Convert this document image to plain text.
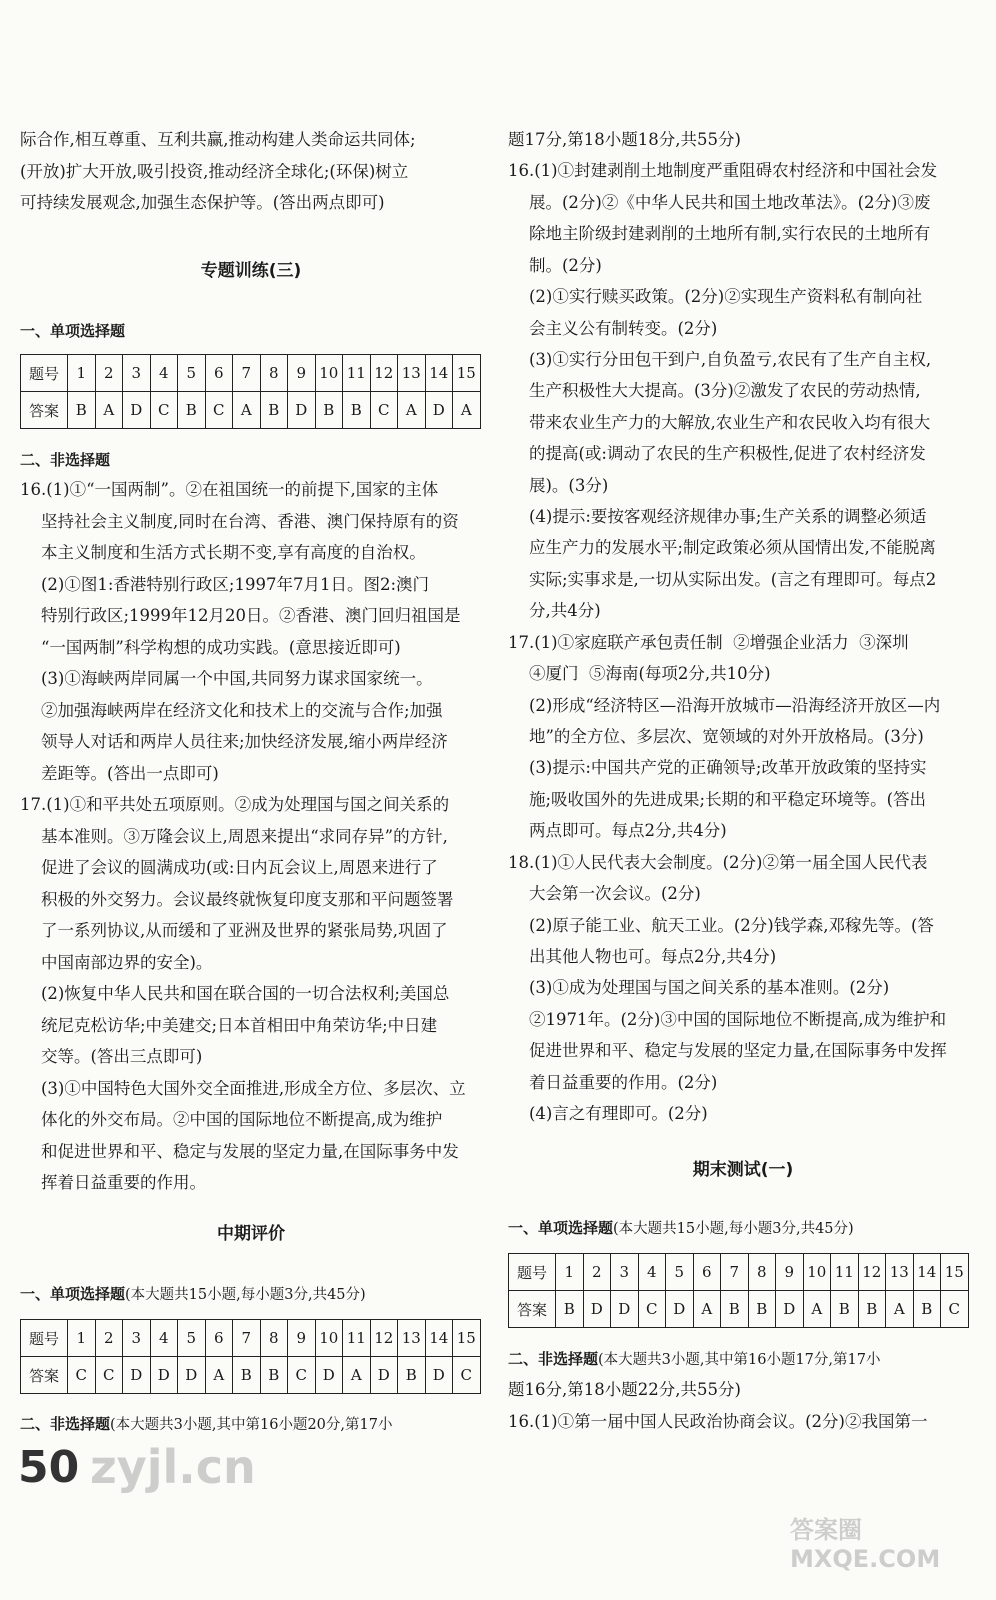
际合作,相互尊重、互利共赢,推动构建人类命运共同体;
(开放)扩大开放,吸引投资,推动经济全球化;(环保)树立
可持续发展观念,加强生态保护等。(答出两点即可)
专题训练(三)
一、单项选择题
题号	1	2	3	4	5	6	7	8	9	10	11	12	13	14	15
答案	B	A	D	C	B	C	A	B	D	B	B	C	A	D	A
二、非选择题
16.(1)①“一国两制”。②在祖国统一的前提下,国家的主体
坚持社会主义制度,同时在台湾、香港、澳门保持原有的资
本主义制度和生活方式长期不变,享有高度的自治权。
(2)①图1:香港特别行政区;1997年7月1日。图2:澳门
特别行政区;1999年12月20日。②香港、澳门回归祖国是
“一国两制”科学构想的成功实践。(意思接近即可)
(3)①海峡两岸同属一个中国,共同努力谋求国家统一。
②加强海峡两岸在经济文化和技术上的交流与合作;加强
领导人对话和两岸人员往来;加快经济发展,缩小两岸经济
差距等。(答出一点即可)
17.(1)①和平共处五项原则。②成为处理国与国之间关系的
基本准则。③万隆会议上,周恩来提出“求同存异”的方针,
促进了会议的圆满成功(或:日内瓦会议上,周恩来进行了
积极的外交努力。会议最终就恢复印度支那和平问题签署
了一系列协议,从而缓和了亚洲及世界的紧张局势,巩固了
中国南部边界的安全)。
(2)恢复中华人民共和国在联合国的一切合法权利;美国总
统尼克松访华;中美建交;日本首相田中角荣访华;中日建
交等。(答出三点即可)
(3)①中国特色大国外交全面推进,形成全方位、多层次、立
体化的外交布局。②中国的国际地位不断提高,成为维护
和促进世界和平、稳定与发展的坚定力量,在国际事务中发
挥着日益重要的作用。
中期评价
一、单项选择题(本大题共15小题,每小题3分,共45分)
题号	1	2	3	4	5	6	7	8	9	10	11	12	13	14	15
答案	C	C	D	D	D	A	B	B	C	D	A	D	B	D	C
二、非选择题(本大题共3小题,其中第16小题20分,第17小
题17分,第18小题18分,共55分)
16.(1)①封建剥削土地制度严重阻碍农村经济和中国社会发
展。(2分)②《中华人民共和国土地改革法》。(2分)③废
除地主阶级封建剥削的土地所有制,实行农民的土地所有
制。(2分)
(2)①实行赎买政策。(2分)②实现生产资料私有制向社
会主义公有制转变。(2分)
(3)①实行分田包干到户,自负盈亏,农民有了生产自主权,
生产积极性大大提高。(3分)②激发了农民的劳动热情,
带来农业生产力的大解放,农业生产和农民收入均有很大
的提高(或:调动了农民的生产积极性,促进了农村经济发
展)。(3分)
(4)提示:要按客观经济规律办事;生产关系的调整必须适
应生产力的发展水平;制定政策必须从国情出发,不能脱离
实际;实事求是,一切从实际出发。(言之有理即可。每点2
分,共4分)
17.(1)①家庭联产承包责任制  ②增强企业活力  ③深圳
④厦门  ⑤海南(每项2分,共10分)
(2)形成“经济特区—沿海开放城市—沿海经济开放区—内
地”的全方位、多层次、宽领域的对外开放格局。(3分)
(3)提示:中国共产党的正确领导;改革开放政策的坚持实
施;吸收国外的先进成果;长期的和平稳定环境等。(答出
两点即可。每点2分,共4分)
18.(1)①人民代表大会制度。(2分)②第一届全国人民代表
大会第一次会议。(2分)
(2)原子能工业、航天工业。(2分)钱学森,邓稼先等。(答
出其他人物也可。每点2分,共4分)
(3)①成为处理国与国之间关系的基本准则。(2分)
②1971年。(2分)③中国的国际地位不断提高,成为维护和
促进世界和平、稳定与发展的坚定力量,在国际事务中发挥
着日益重要的作用。(2分)
(4)言之有理即可。(2分)
期末测试(一)
一、单项选择题(本大题共15小题,每小题3分,共45分)
题号	1	2	3	4	5	6	7	8	9	10	11	12	13	14	15
答案	B	D	D	C	D	A	B	B	D	A	B	B	A	B	C
二、非选择题(本大题共3小题,其中第16小题17分,第17小
题16分,第18小题22分,共55分)
16.(1)①第一届中国人民政治协商会议。(2分)②我国第一
50 zyjl.cn
答案圈 MXQE.COM
